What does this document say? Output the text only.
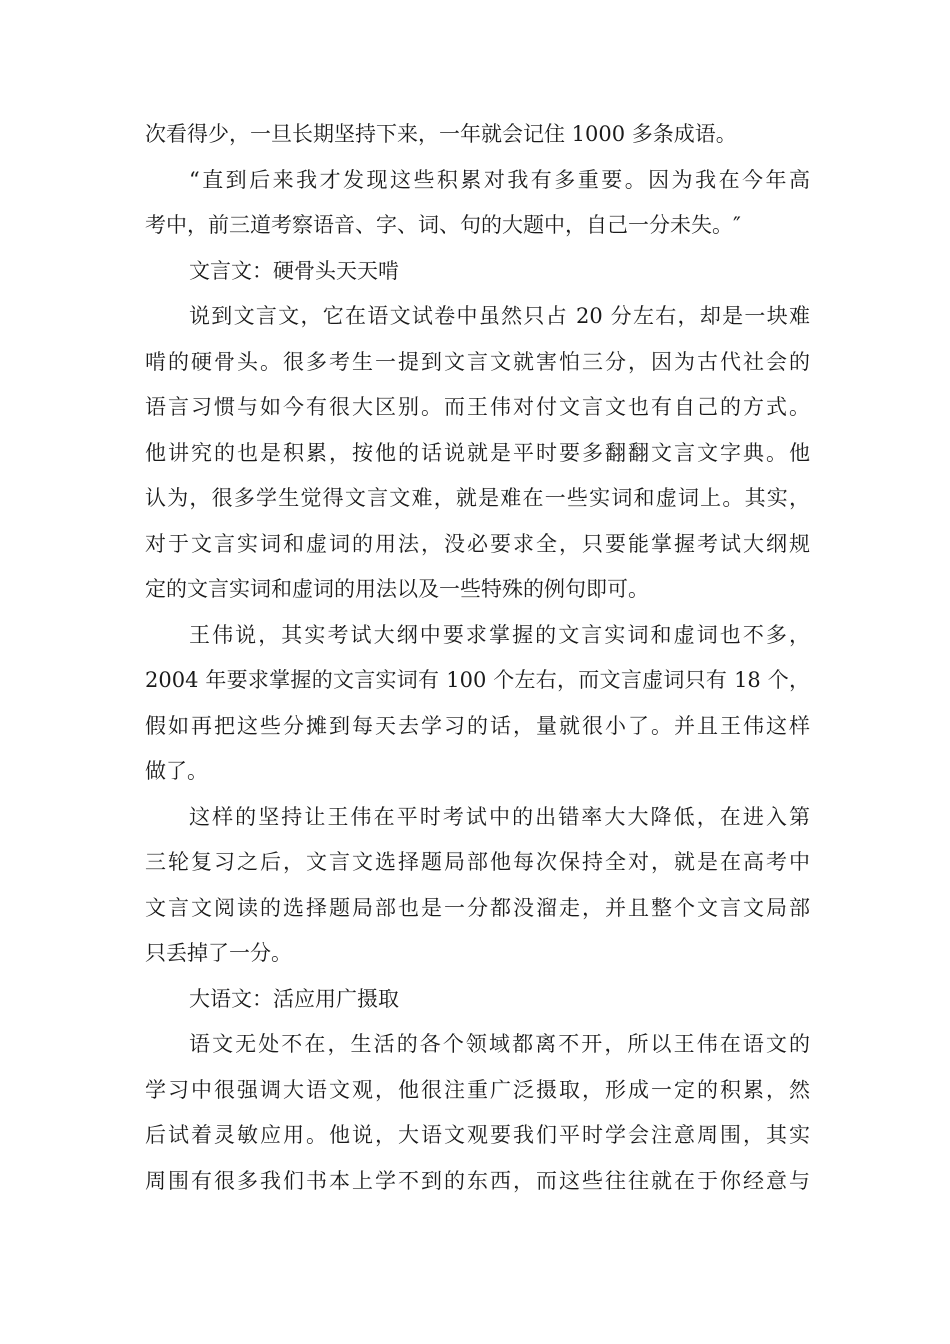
次看得少，一旦长期坚持下来，一年就会记住 1000 多条成语。
“直到后来我才发现这些积累对我有多重要。因为我在今年高
考中，前三道考察语音、字、词、句的大题中，自己一分未失。″
文言文：硬骨头天天啃
说到文言文，它在语文试卷中虽然只占 20 分左右，却是一块难
啃的硬骨头。很多考生一提到文言文就害怕三分，因为古代社会的
语言习惯与如今有很大区别。而王伟对付文言文也有自己的方式。
他讲究的也是积累，按他的话说就是平时要多翻翻文言文字典。他
认为，很多学生觉得文言文难，就是难在一些实词和虚词上。其实，
对于文言实词和虚词的用法，没必要求全，只要能掌握考试大纲规
定的文言实词和虚词的用法以及一些特殊的例句即可。
王伟说，其实考试大纲中要求掌握的文言实词和虚词也不多，
2004 年要求掌握的文言实词有 100 个左右，而文言虚词只有 18 个，
假如再把这些分摊到每天去学习的话，量就很小了。并且王伟这样
做了。
这样的坚持让王伟在平时考试中的出错率大大降低，在进入第
三轮复习之后，文言文选择题局部他每次保持全对，就是在高考中
文言文阅读的选择题局部也是一分都没溜走，并且整个文言文局部
只丢掉了一分。
大语文：活应用广摄取
语文无处不在，生活的各个领域都离不开，所以王伟在语文的
学习中很强调大语文观，他很注重广泛摄取，形成一定的积累，然
后试着灵敏应用。他说，大语文观要我们平时学会注意周围，其实
周围有很多我们书本上学不到的东西，而这些往往就在于你经意与
